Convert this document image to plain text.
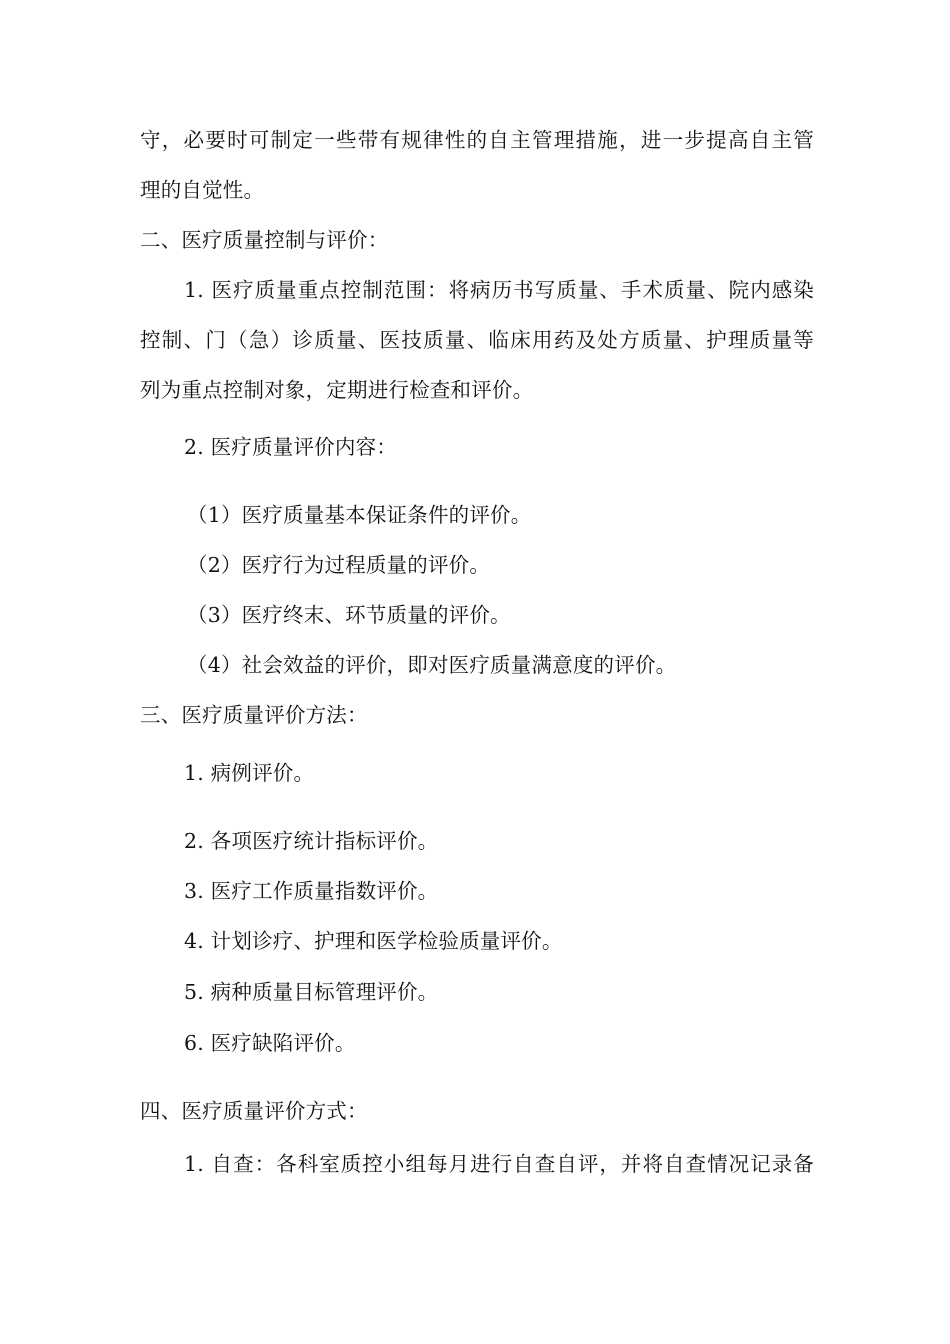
守，必要时可制定一些带有规律性的自主管理措施，进一步提高自主管
理的自觉性。
二、医疗质量控制与评价：
1. 医疗质量重点控制范围：将病历书写质量、手术质量、院内感染
控制、门（急）诊质量、医技质量、临床用药及处方质量、护理质量等
列为重点控制对象，定期进行检查和评价。
2. 医疗质量评价内容：
（1）医疗质量基本保证条件的评价。
（2）医疗行为过程质量的评价。
（3）医疗终末、环节质量的评价。
（4）社会效益的评价，即对医疗质量满意度的评价。
三、医疗质量评价方法：
1. 病例评价。
2. 各项医疗统计指标评价。
3. 医疗工作质量指数评价。
4. 计划诊疗、护理和医学检验质量评价。
5. 病种质量目标管理评价。
6. 医疗缺陷评价。
四、医疗质量评价方式：
1. 自查：各科室质控小组每月进行自查自评，并将自查情况记录备
